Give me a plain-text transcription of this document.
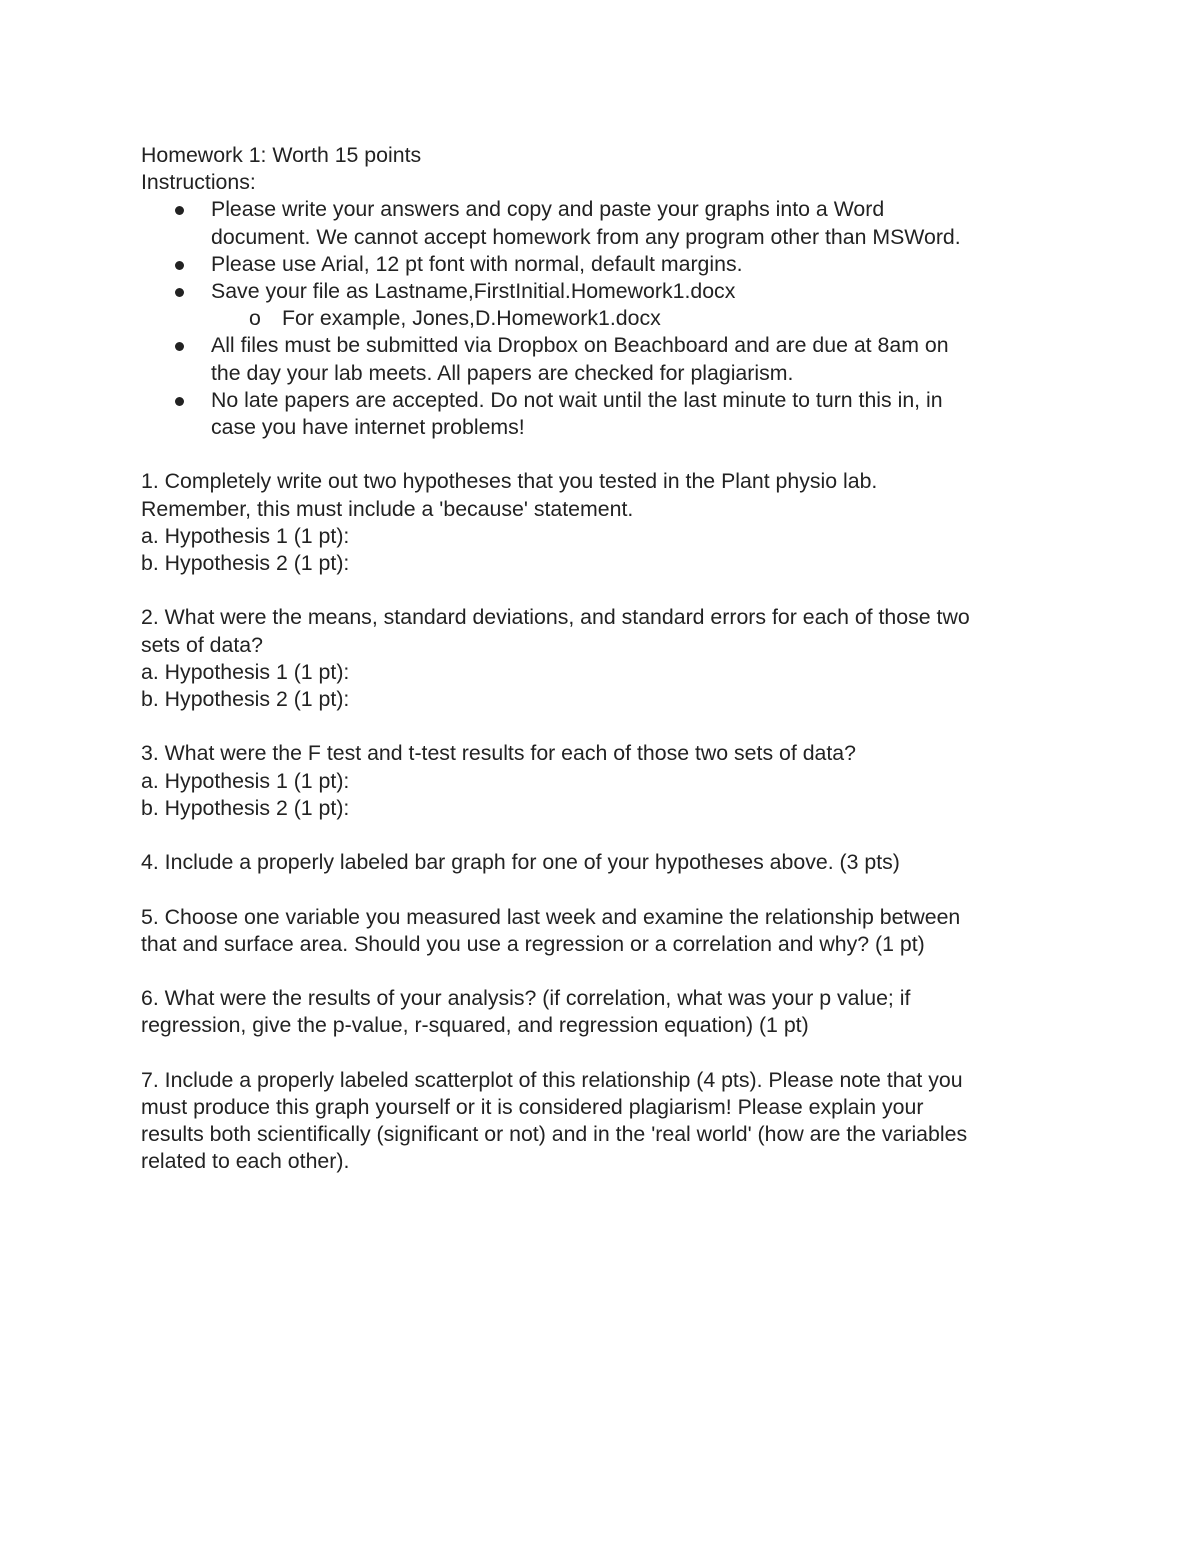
Homework 1: Worth 15 points
Instructions:
Please write your answers and copy and paste your graphs into a Word
document. We cannot accept homework from any program other than MSWord.
Please use Arial, 12 pt font with normal, default margins.
Save your file as Lastname,FirstInitial.Homework1.docx
o For example, Jones,D.Homework1.docx
All files must be submitted via Dropbox on Beachboard and are due at 8am on
the day your lab meets. All papers are checked for plagiarism.
No late papers are accepted. Do not wait until the last minute to turn this in, in
case you have internet problems!
1. Completely write out two hypotheses that you tested in the Plant physio lab.
Remember, this must include a 'because' statement.
a. Hypothesis 1 (1 pt):
b. Hypothesis 2 (1 pt):
2. What were the means, standard deviations, and standard errors for each of those two
sets of data?
a. Hypothesis 1 (1 pt):
b. Hypothesis 2 (1 pt):
3. What were the F test and t-test results for each of those two sets of data?
a. Hypothesis 1 (1 pt):
b. Hypothesis 2 (1 pt):
4. Include a properly labeled bar graph for one of your hypotheses above. (3 pts)
5. Choose one variable you measured last week and examine the relationship between
that and surface area. Should you use a regression or a correlation and why? (1 pt)
6. What were the results of your analysis? (if correlation, what was your p value; if
regression, give the p-value, r-squared, and regression equation) (1 pt)
7. Include a properly labeled scatterplot of this relationship (4 pts). Please note that you
must produce this graph yourself or it is considered plagiarism! Please explain your
results both scientifically (significant or not) and in the 'real world' (how are the variables
related to each other).
